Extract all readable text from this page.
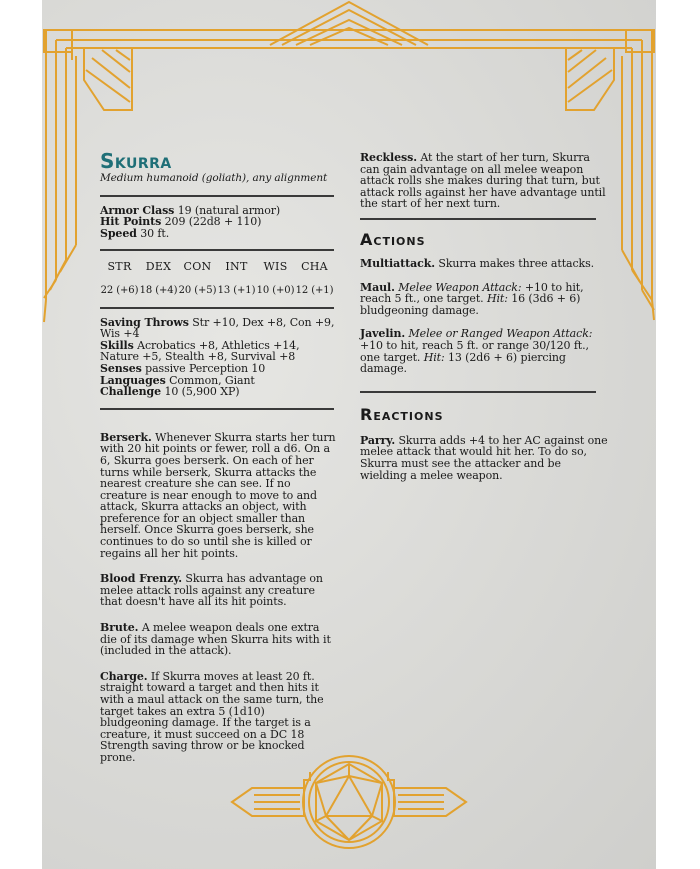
Skurra
Medium humanoid (goliath), any alignment

Armor Class 19 (natural armor)

Hit Points 209 (22d8 + 110)

Speed 30 ft.

STR	DEX	CON	INT	WIS	CHA
22 (+6)	18 (+4)	20 (+5)	13 (+1)	10 (+0)	12 (+1)

Saving Throws Str +10, Dex +8, Con +9, Wis +4

Skills Acrobatics +8, Athletics +14, Nature +5, Stealth +8, Survival +8

Senses passive Perception 10

Languages Common, Giant

Challenge 10 (5,900 XP)

Berserk. Whenever Skurra starts her turn with 20 hit points or fewer, roll a d6. On a 6, Skurra goes berserk. On each of her turns while berserk, Skurra attacks the nearest creature she can see. If no creature is near enough to move to and attack, Skurra attacks an object, with preference for an object smaller than herself. Once Skurra goes berserk, she continues to do so until she is killed or regains all her hit points.

Blood Frenzy. Skurra has advantage on melee attack rolls against any creature that doesn't have all its hit points.

Brute. A melee weapon deals one extra die of its damage when Skurra hits with it (included in the attack).

Charge. If Skurra moves at least 20 ft. straight toward a target and then hits it with a maul attack on the same turn, the target takes an extra 5 (1d10) bludgeoning damage. If the target is a creature, it must succeed on a DC 18 Strength saving throw or be knocked prone.

Reckless. At the start of her turn, Skurra can gain advantage on all melee weapon attack rolls she makes during that turn, but attack rolls against her have advantage until the start of her next turn.

Actions

Multiattack. Skurra makes three attacks.

Maul. Melee Weapon Attack: +10 to hit, reach 5 ft., one target. Hit: 16 (3d6 + 6) bludgeoning damage.

Javelin. Melee or Ranged Weapon Attack: +10 to hit, reach 5 ft. or range 30/120 ft., one target. Hit: 13 (2d6 + 6) piercing damage.

Reactions

Parry. Skurra adds +4 to her AC against one melee attack that would hit her. To do so, Skurra must see the attacker and be wielding a melee weapon.
